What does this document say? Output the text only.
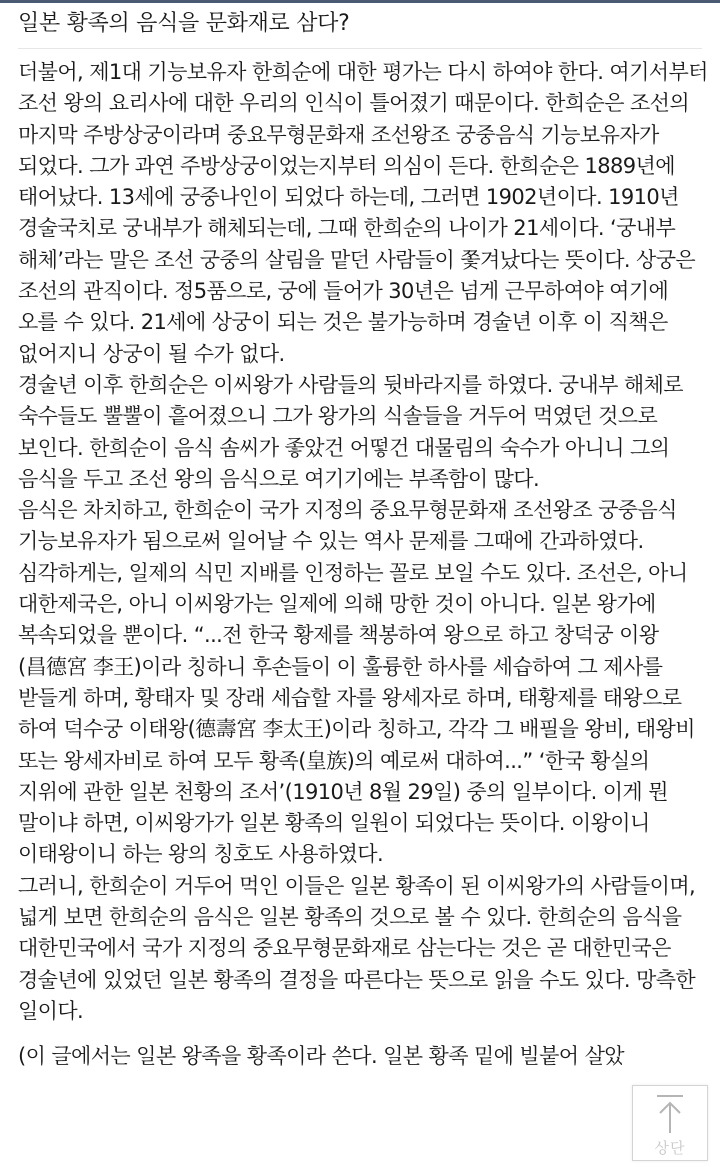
일본 황족의 음식을 문화재로 삼다?

더불어, 제1대 기능보유자 한희순에 대한 평가는 다시 하여야 한다. 여기서부터 조선 왕의 요리사에 대한 우리의 인식이 틀어졌기 때문이다. 한희순은 조선의 마지막 주방상궁이라며 중요무형문화재 조선왕조 궁중음식 기능보유자가 되었다. 그가 과연 주방상궁이었는지부터 의심이 든다. 한희순은 1889년에 태어났다. 13세에 궁중나인이 되었다 하는데, 그러면 1902년이다. 1910년 경술국치로 궁내부가 해체되는데, 그때 한희순의 나이가 21세이다. ‘궁내부 해체’라는 말은 조선 궁중의 살림을 맡던 사람들이 쫓겨났다는 뜻이다. 상궁은 조선의 관직이다. 정5품으로, 궁에 들어가 30년은 넘게 근무하여야 여기에 오를 수 있다. 21세에 상궁이 되는 것은 불가능하며 경술년 이후 이 직책은 없어지니 상궁이 될 수가 없다.

경술년 이후 한희순은 이씨왕가 사람들의 뒷바라지를 하였다. 궁내부 해체로 숙수들도 뿔뿔이 흩어졌으니 그가 왕가의 식솔들을 거두어 먹였던 것으로 보인다. 한희순이 음식 솜씨가 좋았건 어떻건 대물림의 숙수가 아니니 그의 음식을 두고 조선 왕의 음식으로 여기기에는 부족함이 많다.

음식은 차치하고, 한희순이 국가 지정의 중요무형문화재 조선왕조 궁중음식 기능보유자가 됨으로써 일어날 수 있는 역사 문제를 그때에 간과하였다. 심각하게는, 일제의 식민 지배를 인정하는 꼴로 보일 수도 있다. 조선은, 아니 대한제국은, 아니 이씨왕가는 일제에 의해 망한 것이 아니다. 일본 왕가에 복속되었을 뿐이다. “...전 한국 황제를 책봉하여 왕으로 하고 창덕궁 이왕(昌德宮 李王)이라 칭하니 후손들이 이 훌륭한 하사를 세습하여 그 제사를 받들게 하며, 황태자 및 장래 세습할 자를 왕세자로 하며, 태황제를 태왕으로 하여 덕수궁 이태왕(德壽宮 李太王)이라 칭하고, 각각 그 배필을 왕비, 태왕비 또는 왕세자비로 하여 모두 황족(皇族)의 예로써 대하여...” ‘한국 황실의 지위에 관한 일본 천황의 조서’(1910년 8월 29일) 중의 일부이다. 이게 뭔 말이냐 하면, 이씨왕가가 일본 황족의 일원이 되었다는 뜻이다. 이왕이니 이태왕이니 하는 왕의 칭호도 사용하였다.

그러니, 한희순이 거두어 먹인 이들은 일본 황족이 된 이씨왕가의 사람들이며, 넓게 보면 한희순의 음식은 일본 황족의 것으로 볼 수 있다. 한희순의 음식을 대한민국에서 국가 지정의 중요무형문화재로 삼는다는 것은 곧 대한민국은 경술년에 있었던 일본 황족의 결정을 따른다는 뜻으로 읽을 수도 있다. 망측한 일이다.

(이 글에서는 일본 왕족을 황족이라 쓴다. 일본 황족 밑에 빌붙어 살았

상단
